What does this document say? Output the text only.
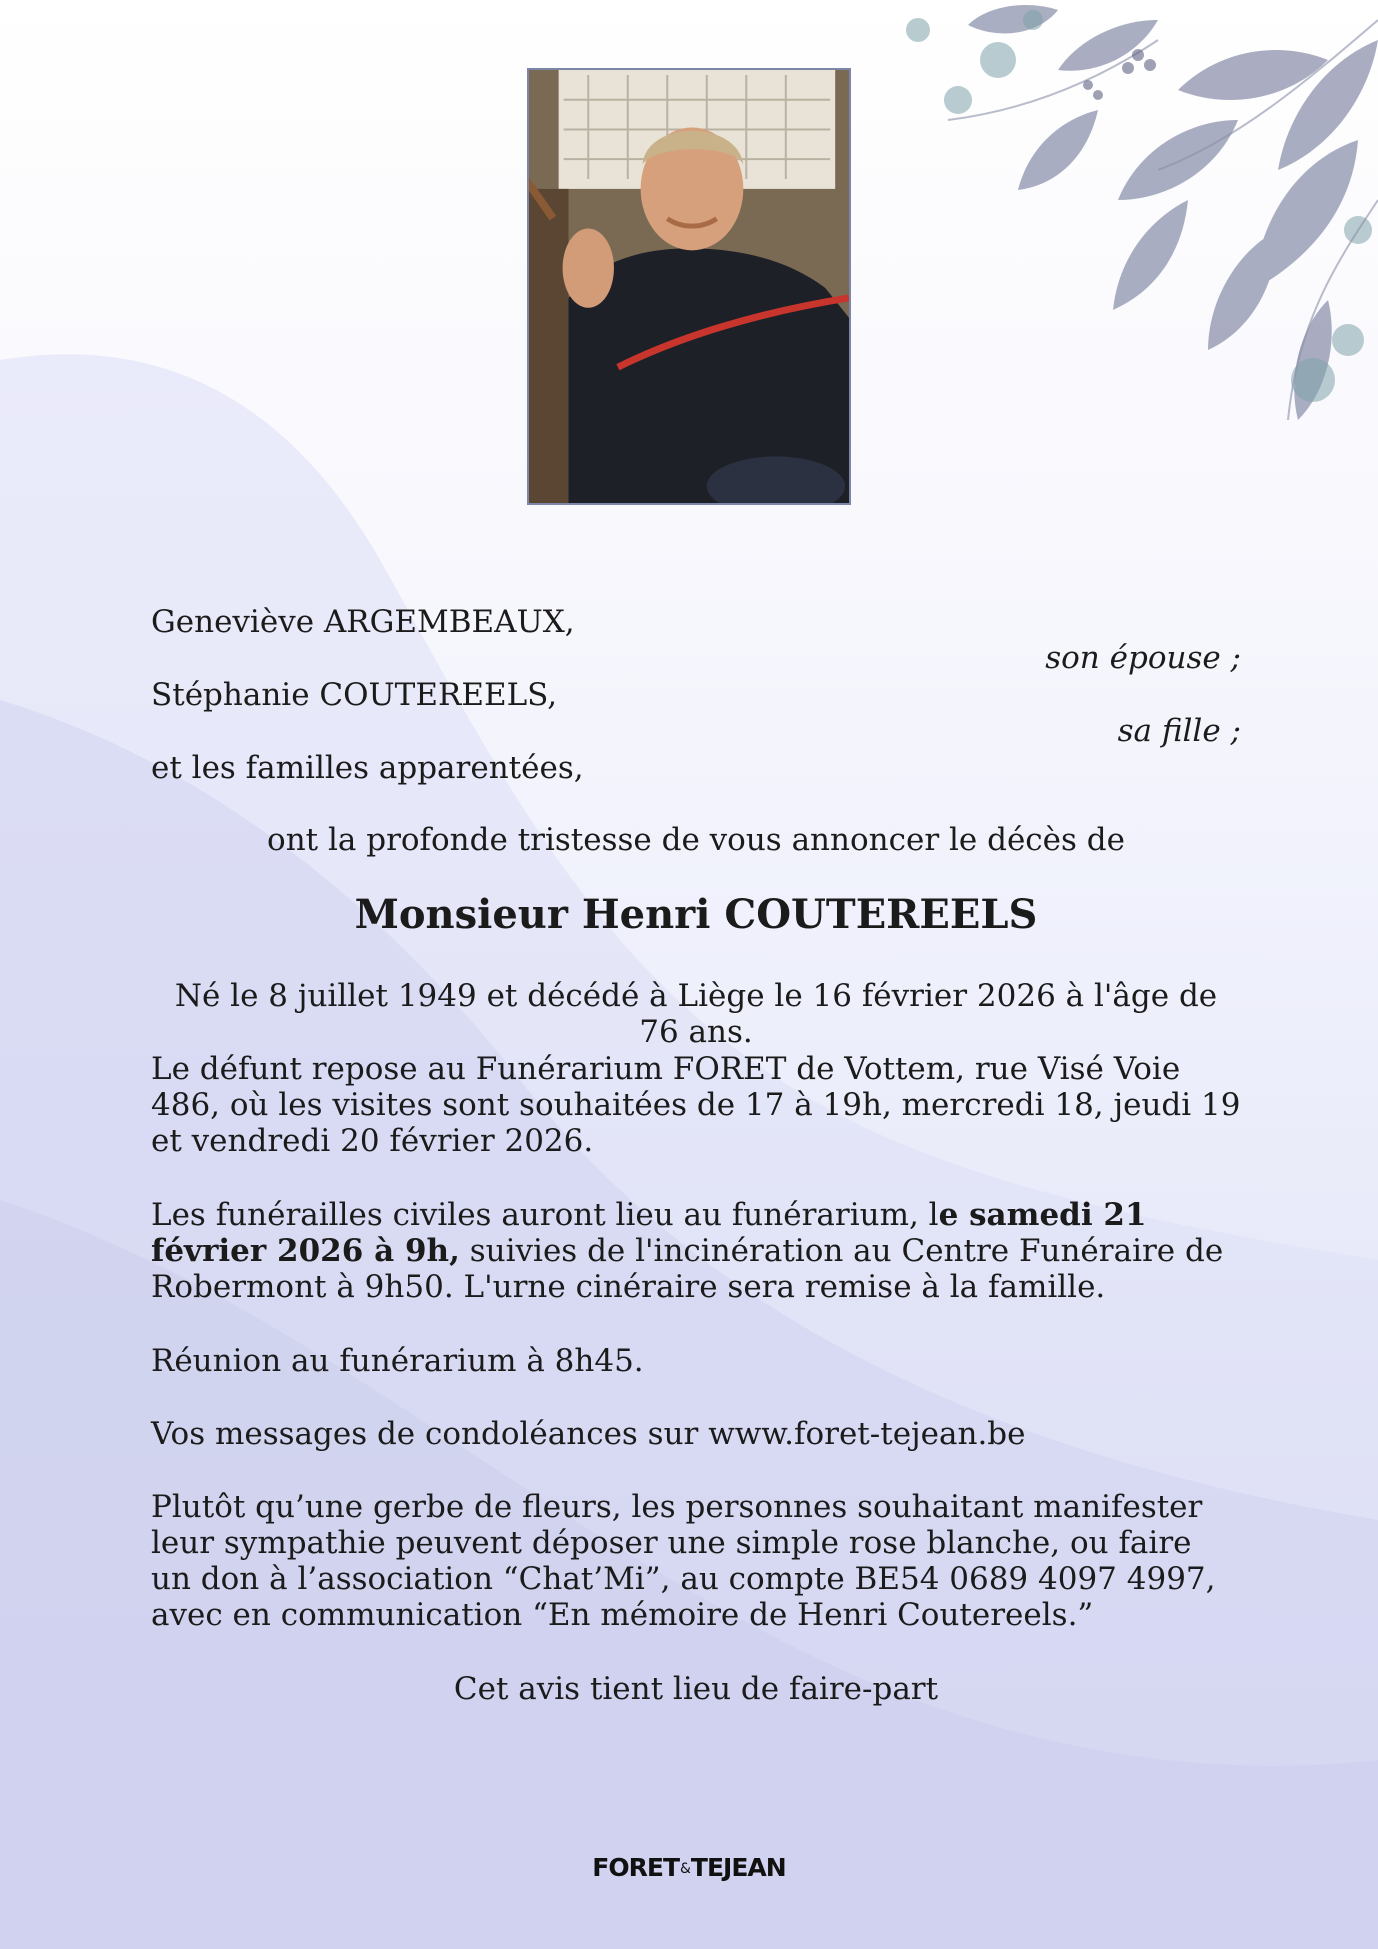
Geneviève ARGEMBEAUX,
son épouse ;
Stéphanie COUTEREELS,
sa fille ;
et les familles apparentées,
ont la profonde tristesse de vous annoncer le décès de
Monsieur Henri COUTEREELS
Né le 8 juillet 1949 et décédé à Liège le 16 février 2026 à l'âge de 76 ans.

Le défunt repose au Funérarium FORET de Vottem, rue Visé Voie 486, où les visites sont souhaitées de 17 à 19h, mercredi 18, jeudi 19 et vendredi 20 février 2026.

Les funérailles civiles auront lieu au funérarium, le samedi 21 février 2026 à 9h, suivies de l'incinération au Centre Funéraire de Robermont à 9h50. L'urne cinéraire sera remise à la famille.

Réunion au funérarium à 8h45.
Vos messages de condoléances sur www.foret-tejean.be

Plutôt qu’une gerbe de fleurs, les personnes souhaitant manifester leur sympathie peuvent déposer une simple rose blanche, ou faire un don à l’association “Chat’Mi”, au compte BE54 0689 4097 4997, avec en communication “En mémoire de Henri Coutereels.”

Cet avis tient lieu de faire-part
FORET&TEJEAN
